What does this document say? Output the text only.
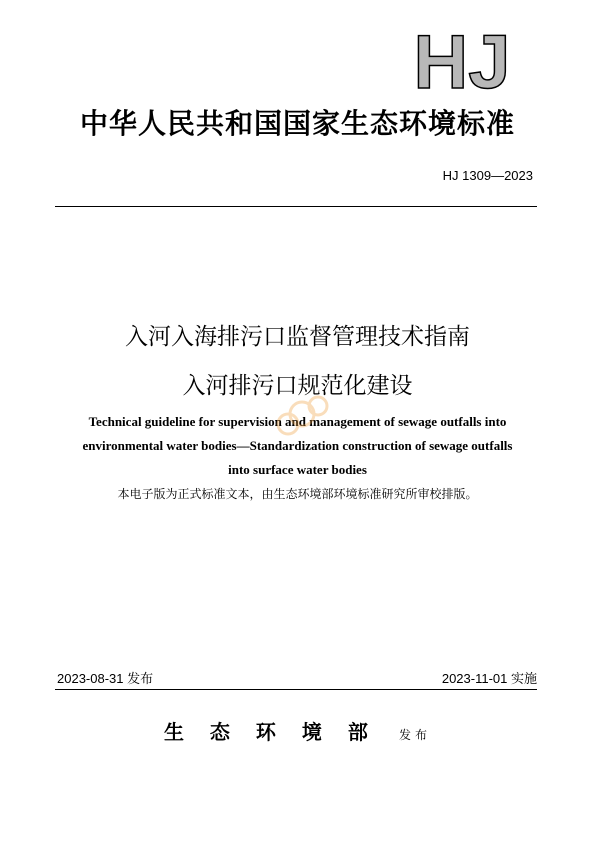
HJ
中华人民共和国国家生态环境标准
HJ 1309—2023
入河入海排污口监督管理技术指南
入河排污口规范化建设
Technical guideline for supervision and management of sewage outfalls into
environmental water bodies—Standardization construction of sewage outfalls
into surface water bodies
本电子版为正式标准文本，由生态环境部环境标准研究所审校排版。
2023-08-31 发布	2023-11-01 实施
生态环境部 发布
